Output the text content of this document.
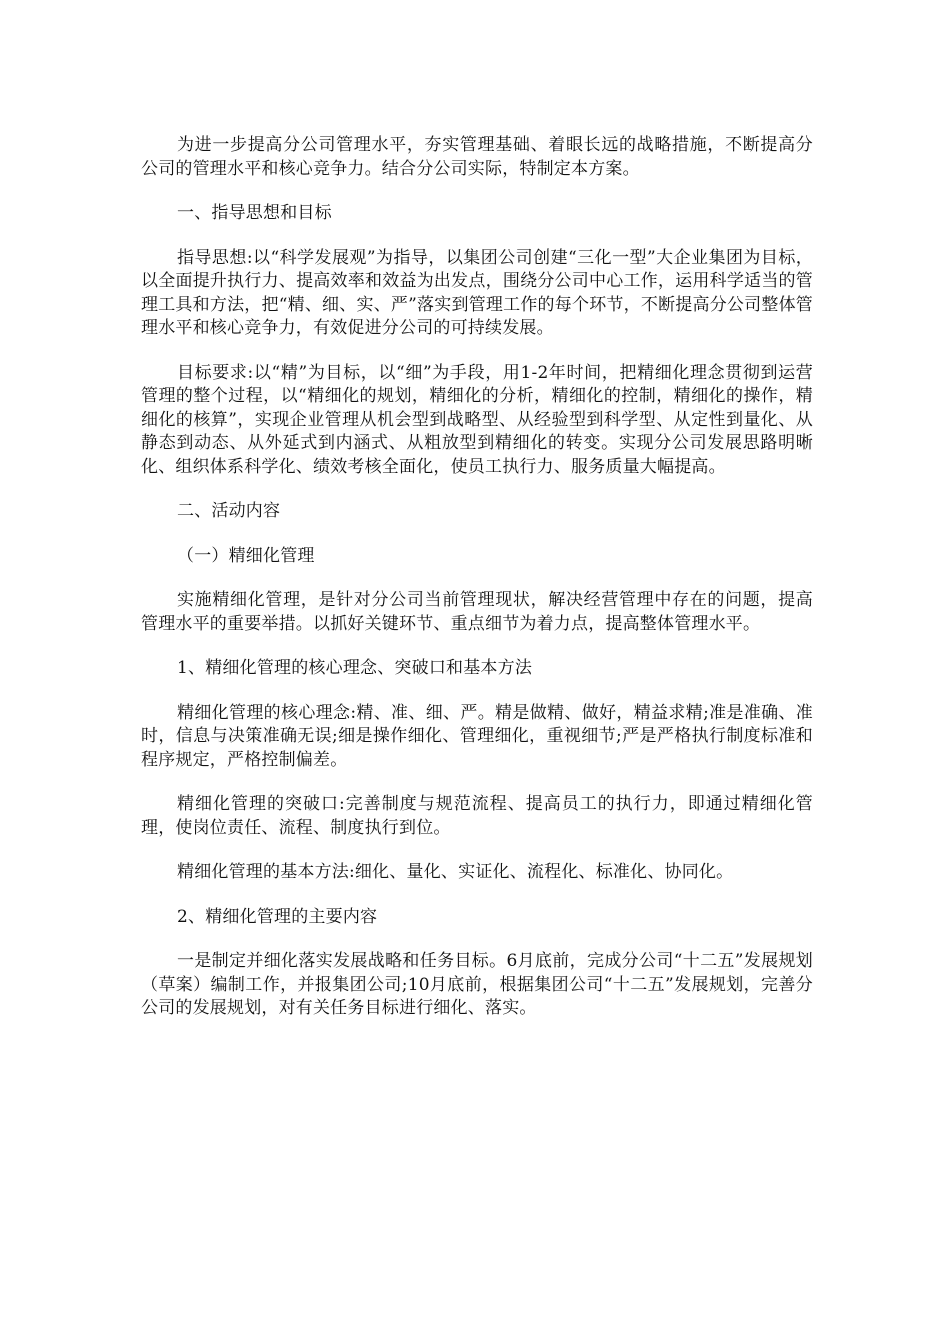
为进一步提高分公司管理水平，夯实管理基础、着眼长远的战略措施，不断提高分公司的管理水平和核心竞争力。结合分公司实际，特制定本方案。

一、指导思想和目标

指导思想:以“科学发展观”为指导，以集团公司创建“三化一型”大企业集团为目标，以全面提升执行力、提高效率和效益为出发点，围绕分公司中心工作，运用科学适当的管理工具和方法，把“精、细、实、严”落实到管理工作的每个环节，不断提高分公司整体管理水平和核心竞争力，有效促进分公司的可持续发展。

目标要求:以“精”为目标，以“细”为手段，用1-2年时间，把精细化理念贯彻到运营管理的整个过程，以“精细化的规划，精细化的分析，精细化的控制，精细化的操作，精细化的核算”，实现企业管理从机会型到战略型、从经验型到科学型、从定性到量化、从静态到动态、从外延式到内涵式、从粗放型到精细化的转变。实现分公司发展思路明晰化、组织体系科学化、绩效考核全面化，使员工执行力、服务质量大幅提高。

二、活动内容

（一）精细化管理

实施精细化管理，是针对分公司当前管理现状，解决经营管理中存在的问题，提高管理水平的重要举措。以抓好关键环节、重点细节为着力点，提高整体管理水平。

1、精细化管理的核心理念、突破口和基本方法

精细化管理的核心理念:精、准、细、严。精是做精、做好，精益求精;准是准确、准时，信息与决策准确无误;细是操作细化、管理细化，重视细节;严是严格执行制度标准和程序规定，严格控制偏差。

精细化管理的突破口:完善制度与规范流程、提高员工的执行力，即通过精细化管理，使岗位责任、流程、制度执行到位。

精细化管理的基本方法:细化、量化、实证化、流程化、标准化、协同化。

2、精细化管理的主要内容

一是制定并细化落实发展战略和任务目标。6月底前，完成分公司“十二五”发展规划（草案）编制工作，并报集团公司;10月底前，根据集团公司“十二五”发展规划，完善分公司的发展规划，对有关任务目标进行细化、落实。
